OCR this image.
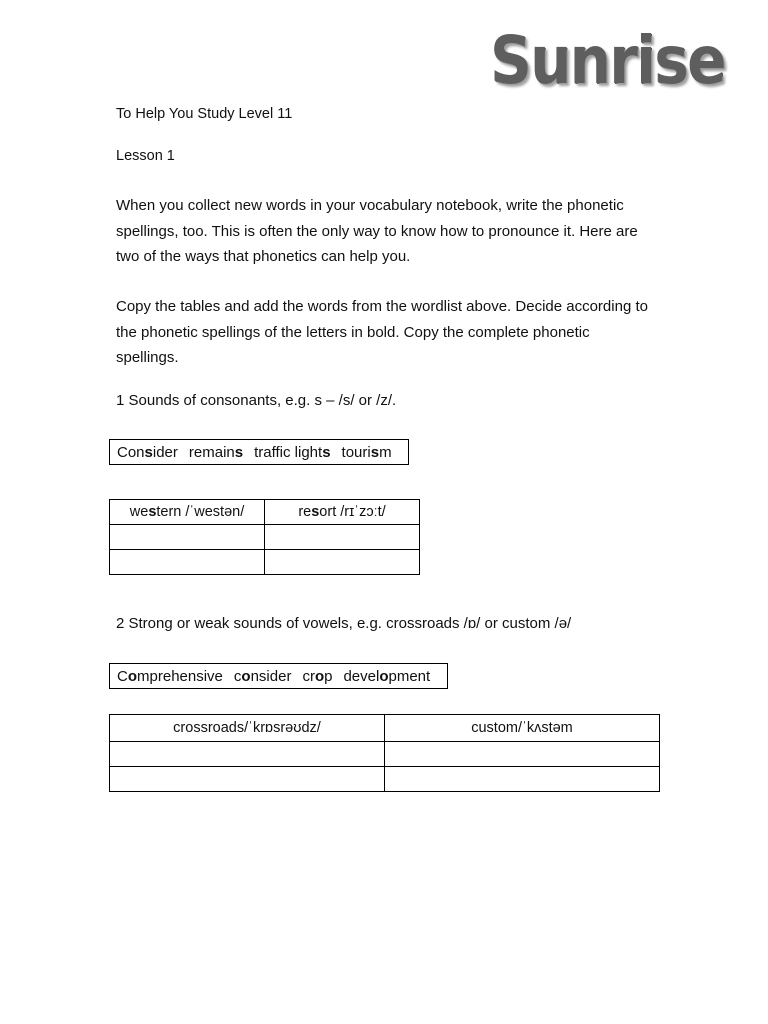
Sunrise

To Help You Study Level 11

Lesson 1

When you collect new words in your vocabulary notebook, write the phonetic
spellings, too. This is often the only way to know how to pronounce it. Here are
two of the ways that phonetics can help you.
Copy the tables and add the words from the wordlist above. Decide according to
the phonetic spellings of the letters in bold. Copy the complete phonetic
spellings.

1 Sounds of consonants, e.g. s – /s/ or /z/.

Consider remains traffic lights tourism
western /ˈwestən/	resort /rɪˈzɔːt/

2 Strong or weak sounds of vowels, e.g. crossroads /ɒ/ or custom /ə/

Comprehensive consider crop development
crossroads/ˈkrɒsrəʊdz/	custom/ˈkʌstəm
